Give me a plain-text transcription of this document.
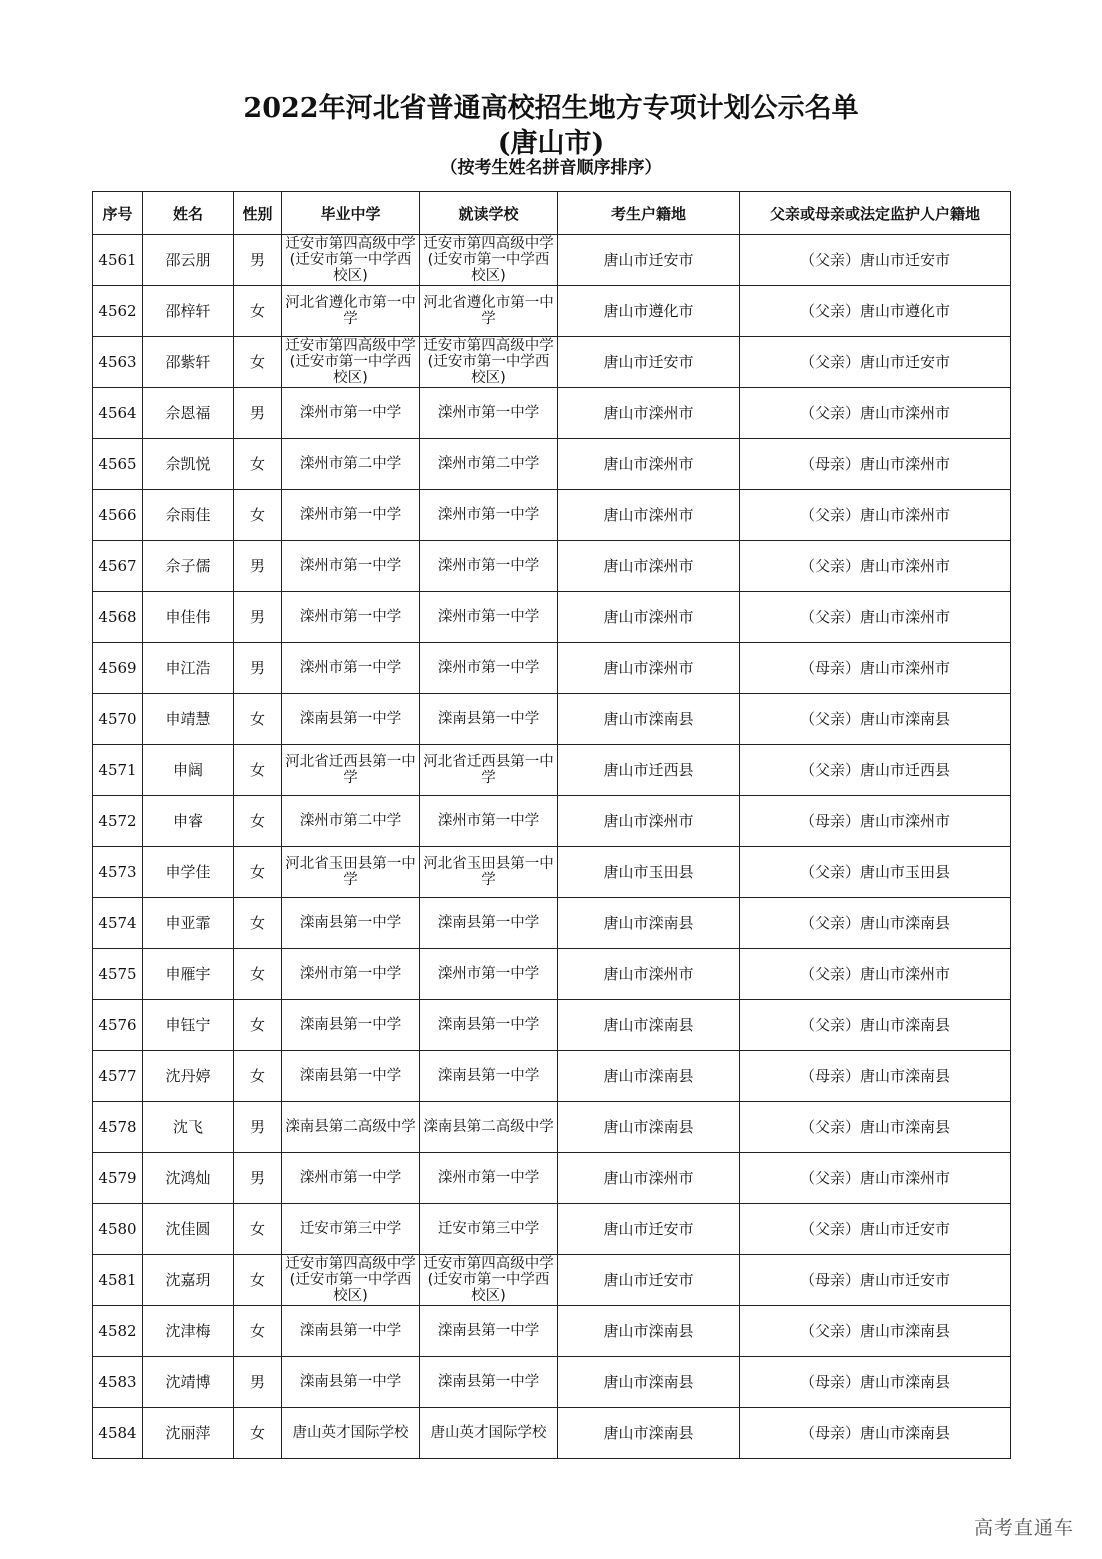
2022年河北省普通高校招生地方专项计划公示名单
(唐山市)
（按考生姓名拼音顺序排序）
序号	姓名	性别	毕业中学	就读学校	考生户籍地	父亲或母亲或法定监护人户籍地
4561	邵云朋	男	迁安市第四高级中学(迁安市第一中学西校区)	迁安市第四高级中学(迁安市第一中学西校区)	唐山市迁安市	（父亲）唐山市迁安市
4562	邵梓轩	女	河北省遵化市第一中学	河北省遵化市第一中学	唐山市遵化市	（父亲）唐山市遵化市
4563	邵紫轩	女	迁安市第四高级中学(迁安市第一中学西校区)	迁安市第四高级中学(迁安市第一中学西校区)	唐山市迁安市	（父亲）唐山市迁安市
4564	佘恩福	男	滦州市第一中学	滦州市第一中学	唐山市滦州市	（父亲）唐山市滦州市
4565	佘凯悦	女	滦州市第二中学	滦州市第二中学	唐山市滦州市	（母亲）唐山市滦州市
4566	佘雨佳	女	滦州市第一中学	滦州市第一中学	唐山市滦州市	（父亲）唐山市滦州市
4567	佘子儒	男	滦州市第一中学	滦州市第一中学	唐山市滦州市	（父亲）唐山市滦州市
4568	申佳伟	男	滦州市第一中学	滦州市第一中学	唐山市滦州市	（父亲）唐山市滦州市
4569	申江浩	男	滦州市第一中学	滦州市第一中学	唐山市滦州市	（母亲）唐山市滦州市
4570	申靖慧	女	滦南县第一中学	滦南县第一中学	唐山市滦南县	（父亲）唐山市滦南县
4571	申阔	女	河北省迁西县第一中学	河北省迁西县第一中学	唐山市迁西县	（父亲）唐山市迁西县
4572	申睿	女	滦州市第二中学	滦州市第一中学	唐山市滦州市	（母亲）唐山市滦州市
4573	申学佳	女	河北省玉田县第一中学	河北省玉田县第一中学	唐山市玉田县	（父亲）唐山市玉田县
4574	申亚霏	女	滦南县第一中学	滦南县第一中学	唐山市滦南县	（父亲）唐山市滦南县
4575	申雁宇	女	滦州市第一中学	滦州市第一中学	唐山市滦州市	（父亲）唐山市滦州市
4576	申钰宁	女	滦南县第一中学	滦南县第一中学	唐山市滦南县	（父亲）唐山市滦南县
4577	沈丹婷	女	滦南县第一中学	滦南县第一中学	唐山市滦南县	（母亲）唐山市滦南县
4578	沈飞	男	滦南县第二高级中学	滦南县第二高级中学	唐山市滦南县	（父亲）唐山市滦南县
4579	沈鸿灿	男	滦州市第一中学	滦州市第一中学	唐山市滦州市	（父亲）唐山市滦州市
4580	沈佳圆	女	迁安市第三中学	迁安市第三中学	唐山市迁安市	（父亲）唐山市迁安市
4581	沈嘉玥	女	迁安市第四高级中学(迁安市第一中学西校区)	迁安市第四高级中学(迁安市第一中学西校区)	唐山市迁安市	（母亲）唐山市迁安市
4582	沈津梅	女	滦南县第一中学	滦南县第一中学	唐山市滦南县	（父亲）唐山市滦南县
4583	沈靖博	男	滦南县第一中学	滦南县第一中学	唐山市滦南县	（母亲）唐山市滦南县
4584	沈丽萍	女	唐山英才国际学校	唐山英才国际学校	唐山市滦南县	（母亲）唐山市滦南县
高考直通车
